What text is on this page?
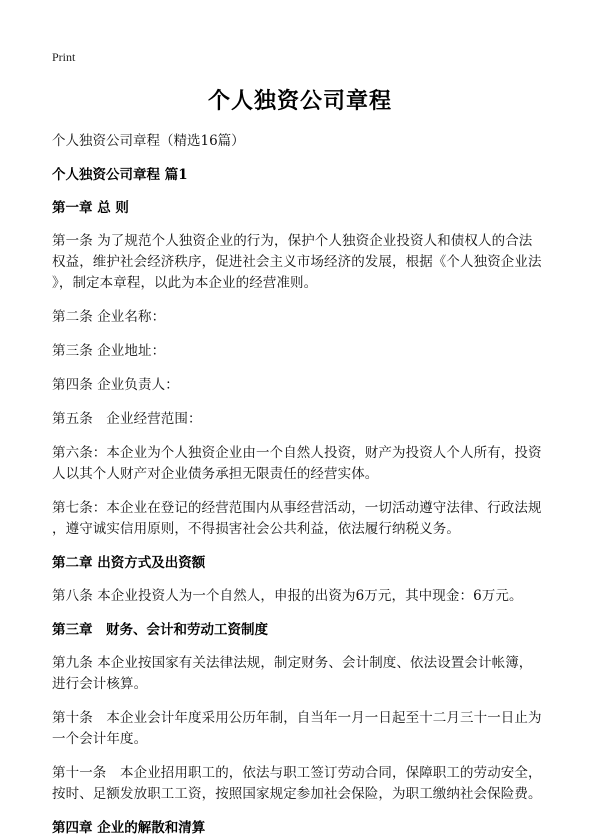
Print
个人独资公司章程
个人独资公司章程（精选16篇）
个人独资公司章程 篇1
第一章 总 则
第一条 为了规范个人独资企业的行为，保护个人独资企业投资人和债权人的合法
权益，维护社会经济秩序，促进社会主义市场经济的发展，根据《个人独资企业法
》，制定本章程，以此为本企业的经营准则。
第二条 企业名称：
第三条 企业地址：
第四条 企业负责人：
第五条　企业经营范围：
第六条：本企业为个人独资企业由一个自然人投资，财产为投资人个人所有，投资
人以其个人财产对企业债务承担无限责任的经营实体。
第七条：本企业在登记的经营范围内从事经营活动，一切活动遵守法律、行政法规
，遵守诚实信用原则，不得损害社会公共利益，依法履行纳税义务。
第二章 出资方式及出资额
第八条 本企业投资人为一个自然人，申报的出资为6万元，其中现金：6万元。
第三章　财务、会计和劳动工资制度
第九条 本企业按国家有关法律法规，制定财务、会计制度、依法设置会计帐簿，
进行会计核算。
第十条　本企业会计年度采用公历年制，自当年一月一日起至十二月三十一日止为
一个会计年度。
第十一条　本企业招用职工的，依法与职工签订劳动合同，保障职工的劳动安全，
按时、足额发放职工工资，按照国家规定参加社会保险，为职工缴纳社会保险费。
第四章 企业的解散和清算
